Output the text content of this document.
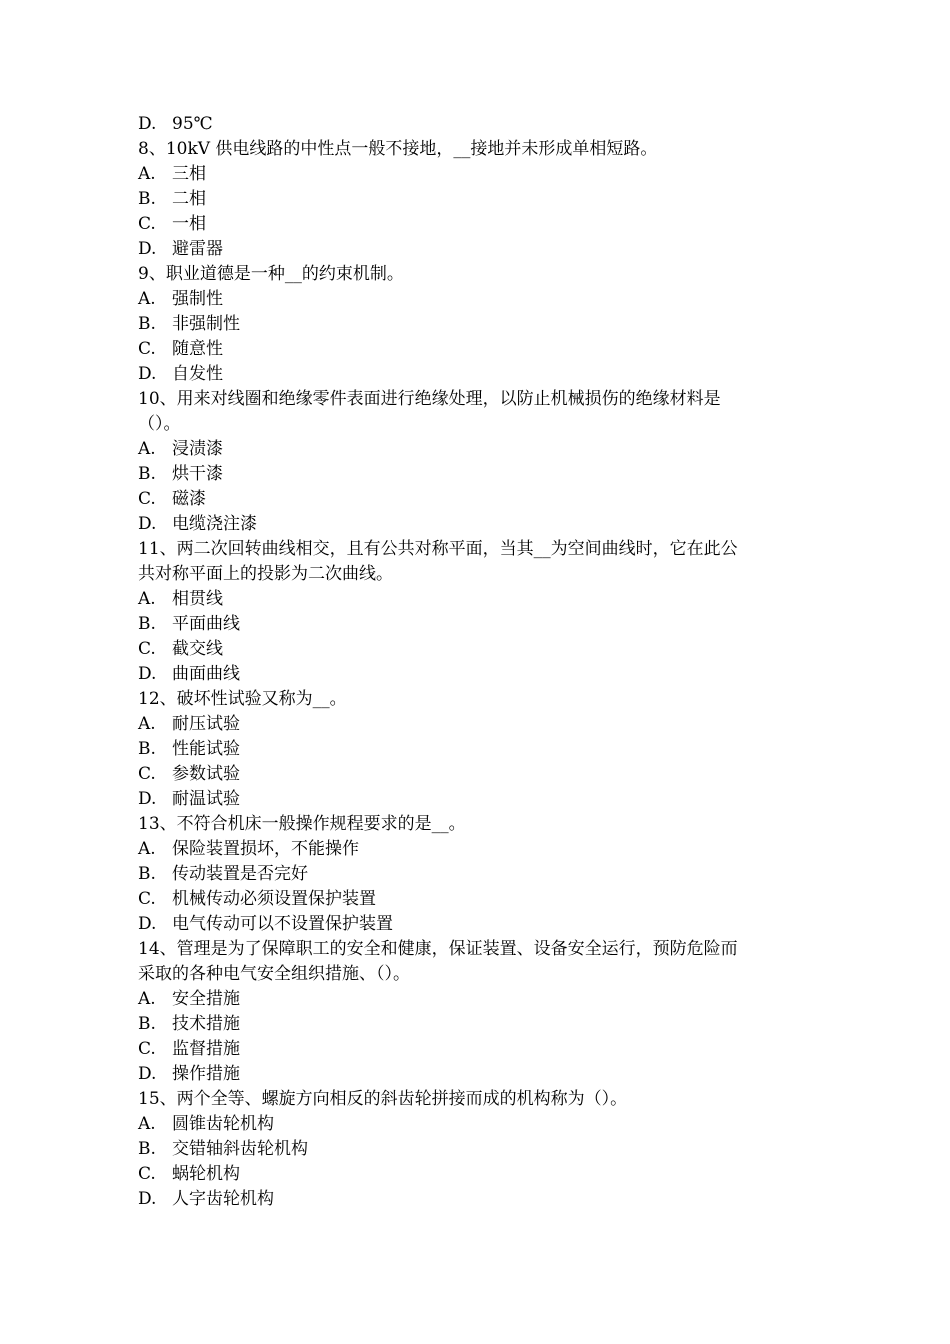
D. 95℃
8、10kV 供电线路的中性点一般不接地，__接地并未形成单相短路。
A. 三相
B. 二相
C. 一相
D. 避雷器
9、职业道德是一种__的约束机制。
A. 强制性
B. 非强制性
C. 随意性
D. 自发性
10、用来对线圈和绝缘零件表面进行绝缘处理，以防止机械损伤的绝缘材料是
（）。
A. 浸渍漆
B. 烘干漆
C. 磁漆
D. 电缆浇注漆
11、两二次回转曲线相交，且有公共对称平面，当其__为空间曲线时，它在此公
共对称平面上的投影为二次曲线。
A. 相贯线
B. 平面曲线
C. 截交线
D. 曲面曲线
12、破坏性试验又称为__。
A. 耐压试验
B. 性能试验
C. 参数试验
D. 耐温试验
13、不符合机床一般操作规程要求的是__。
A. 保险装置损坏，不能操作
B. 传动装置是否完好
C. 机械传动必须设置保护装置
D. 电气传动可以不设置保护装置
14、管理是为了保障职工的安全和健康，保证装置、设备安全运行，预防危险而
采取的各种电气安全组织措施、（）。
A. 安全措施
B. 技术措施
C. 监督措施
D. 操作措施
15、两个全等、螺旋方向相反的斜齿轮拼接而成的机构称为（）。
A. 圆锥齿轮机构
B. 交错轴斜齿轮机构
C. 蜗轮机构
D. 人字齿轮机构
